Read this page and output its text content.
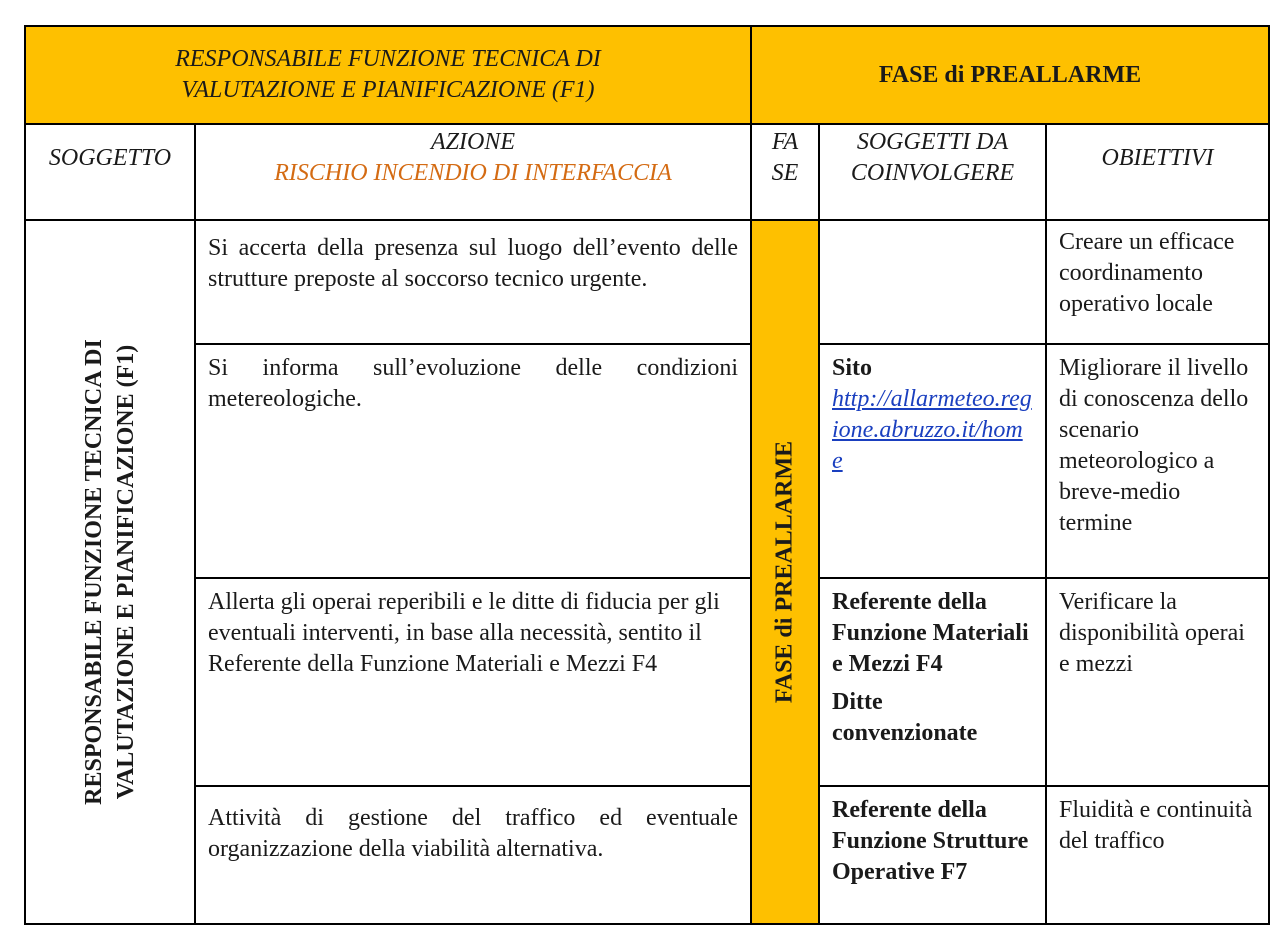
RESPONSABILE FUNZIONE TECNICA DI
VALUTAZIONE E PIANIFICAZIONE (F1)
FASE di PREALLARME
SOGGETTO
AZIONE
RISCHIO INCENDIO DI INTERFACCIA
FA
SE
SOGGETTI DA
COINVOLGERE
OBIETTIVI
RESPONSABILE FUNZIONE TECNICA DI VALUTAZIONE E PIANIFICAZIONE (F1)	FASE di PREALLARME
Si accerta della presenza sul luogo dell’evento delle strutture preposte al soccorso tecnico urgente.
Creare un efficace coordinamento operativo locale
Si informa sull’evoluzione delle condizioni metereologiche.
Sito
http://allarmeteo.regione.abruzzo.it/home
Migliorare il livello di conoscenza dello scenario meteorologico a breve-medio termine
Allerta gli operai reperibili e le ditte di fiducia per gli eventuali interventi, in base alla necessità, sentito il Referente della Funzione Materiali e Mezzi F4
Referente della Funzione Materiali e Mezzi F4
Ditte convenzionate
Verificare la disponibilità operai e mezzi
Attività di gestione del traffico ed eventuale organizzazione della viabilità alternativa.
Referente della Funzione Strutture Operative F7
Fluidità e continuità del traffico
